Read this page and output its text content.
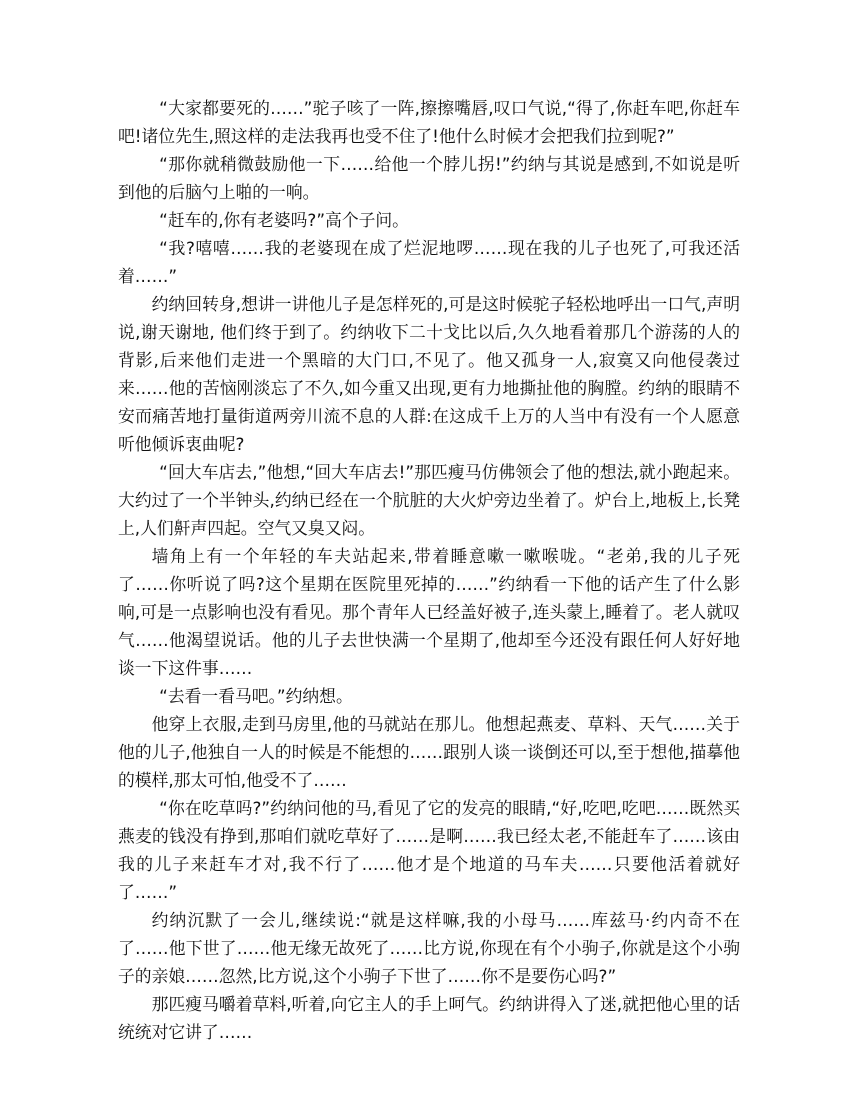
“大家都要死的……”驼子咳了一阵,擦擦嘴唇,叹口气说,“得了,你赶车吧,你赶车吧!诸位先生,照这样的走法我再也受不住了!他什么时候才会把我们拉到呢?”

“那你就稍微鼓励他一下……给他一个脖儿拐!”约纳与其说是感到,不如说是听到他的后脑勺上啪的一响。

“赶车的,你有老婆吗?”高个子问。

“我?嘻嘻……我的老婆现在成了烂泥地啰……现在我的儿子也死了,可我还活着……”

约纳回转身,想讲一讲他儿子是怎样死的,可是这时候驼子轻松地呼出一口气,声明说,谢天谢地, 他们终于到了。约纳收下二十戈比以后,久久地看着那几个游荡的人的背影,后来他们走进一个黑暗的大门口,不见了。他又孤身一人,寂寞又向他侵袭过来……他的苦恼刚淡忘了不久,如今重又出现,更有力地撕扯他的胸膛。约纳的眼睛不安而痛苦地打量街道两旁川流不息的人群:在这成千上万的人当中有没有一个人愿意听他倾诉衷曲呢?

“回大车店去,”他想,“回大车店去!”那匹瘦马仿佛领会了他的想法,就小跑起来。大约过了一个半钟头,约纳已经在一个肮脏的大火炉旁边坐着了。炉台上,地板上,长凳上,人们鼾声四起。空气又臭又闷。

墙角上有一个年轻的车夫站起来,带着睡意嗽一嗽喉咙。“老弟,我的儿子死了……你听说了吗?这个星期在医院里死掉的……”约纳看一下他的话产生了什么影响,可是一点影响也没有看见。那个青年人已经盖好被子,连头蒙上,睡着了。老人就叹气……他渴望说话。他的儿子去世快满一个星期了,他却至今还没有跟任何人好好地谈一下这件事……

“去看一看马吧。”约纳想。

他穿上衣服,走到马房里,他的马就站在那儿。他想起燕麦、草料、天气……关于他的儿子,他独自一人的时候是不能想的……跟别人谈一谈倒还可以,至于想他,描摹他的模样,那太可怕,他受不了……

“你在吃草吗?”约纳问他的马,看见了它的发亮的眼睛,“好,吃吧,吃吧……既然买燕麦的钱没有挣到,那咱们就吃草好了……是啊……我已经太老,不能赶车了……该由我的儿子来赶车才对,我不行了……他才是个地道的马车夫……只要他活着就好了……”

约纳沉默了一会儿,继续说:“就是这样嘛,我的小母马……库兹马·约内奇不在了……他下世了……他无缘无故死了……比方说,你现在有个小驹子,你就是这个小驹子的亲娘……忽然,比方说,这个小驹子下世了……你不是要伤心吗?”

那匹瘦马嚼着草料,听着,向它主人的手上呵气。约纳讲得入了迷,就把他心里的话统统对它讲了……
